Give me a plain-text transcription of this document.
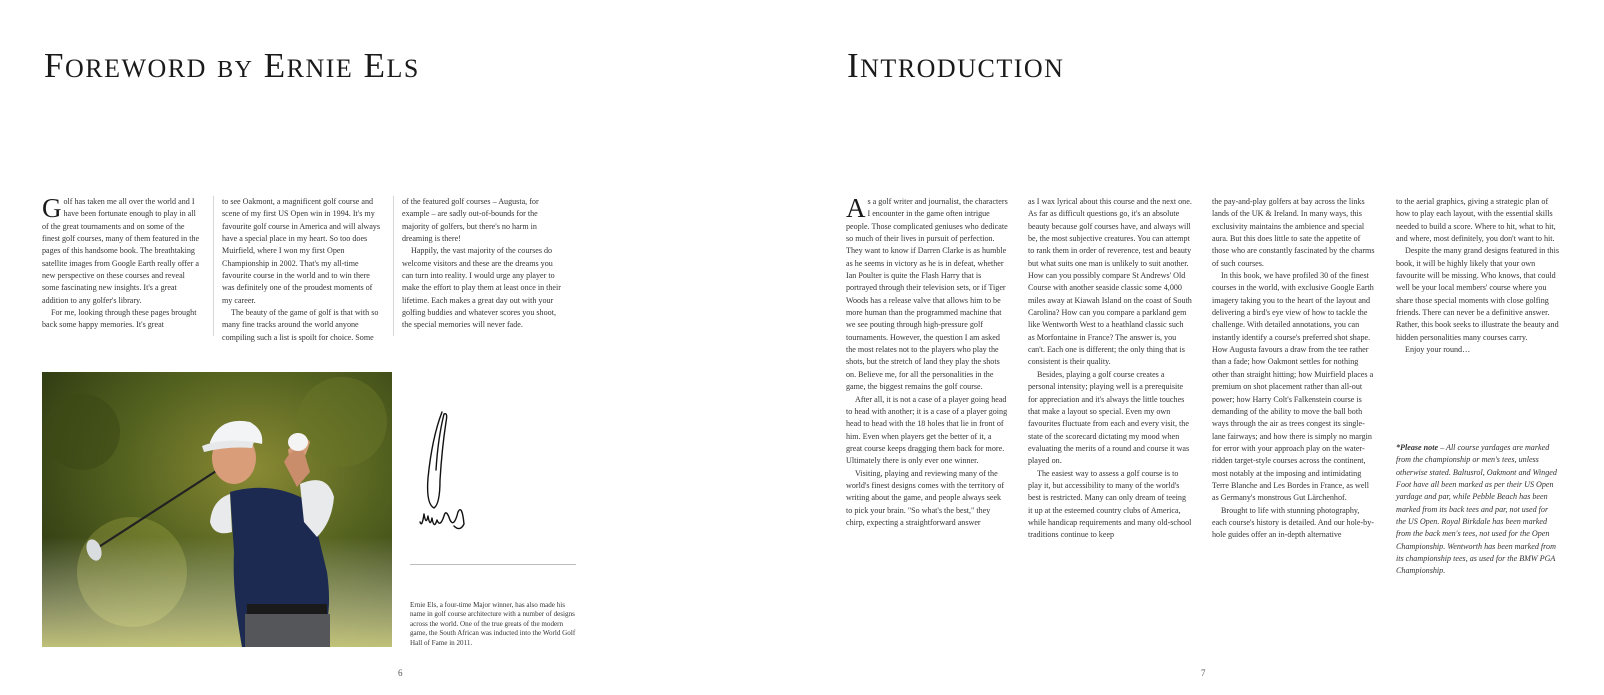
FOREWORD BY ERNIE ELS

Golf has taken me all over the world and I have been fortunate enough to play in all of the great tournaments and on some of the finest golf courses, many of them featured in the pages of this handsome book. The breathtaking satellite images from Google Earth really offer a new perspective on these courses and reveal some fascinating new insights. It's a great addition to any golfer's library.

For me, looking through these pages brought back some happy memories. It's great

to see Oakmont, a magnificent golf course and scene of my first US Open win in 1994. It's my favourite golf course in America and will always have a special place in my heart. So too does Muirfield, where I won my first Open Championship in 2002. That's my all-time favourite course in the world and to win there was definitely one of the proudest moments of my career.

The beauty of the game of golf is that with so many fine tracks around the world anyone compiling such a list is spoilt for choice. Some

of the featured golf courses – Augusta, for example – are sadly out-of-bounds for the majority of golfers, but there's no harm in dreaming is there!

Happily, the vast majority of the courses do welcome visitors and these are the dreams you can turn into reality. I would urge any player to make the effort to play them at least once in their lifetime. Each makes a great day out with your golfing buddies and whatever scores you shoot, the special memories will never fade.

Ernie Els, a four-time Major winner, has also made his name in golf course architecture with a number of designs across the world. One of the true greats of the modern game, the South African was inducted into the World Golf Hall of Fame in 2011.
6
INTRODUCTION

As a golf writer and journalist, the characters I encounter in the game often intrigue people. Those complicated geniuses who dedicate so much of their lives in pursuit of perfection. They want to know if Darren Clarke is as humble as he seems in victory as he is in defeat, whether Ian Poulter is quite the Flash Harry that is portrayed through their television sets, or if Tiger Woods has a release valve that allows him to be more human than the programmed machine that we see pouting through high-pressure golf tournaments. However, the question I am asked the most relates not to the players who play the shots, but the stretch of land they play the shots on. Believe me, for all the personalities in the game, the biggest remains the golf course.

After all, it is not a case of a player going head to head with another; it is a case of a player going head to head with the 18 holes that lie in front of him. Even when players get the better of it, a great course keeps dragging them back for more. Ultimately there is only ever one winner.

Visiting, playing and reviewing many of the world's finest designs comes with the territory of writing about the game, and people always seek to pick your brain. "So what's the best," they chirp, expecting a straightforward answer

as I wax lyrical about this course and the next one. As far as difficult questions go, it's an absolute beauty because golf courses have, and always will be, the most subjective creatures. You can attempt to rank them in order of reverence, test and beauty but what suits one man is unlikely to suit another. How can you possibly compare St Andrews' Old Course with another seaside classic some 4,000 miles away at Kiawah Island on the coast of South Carolina? How can you compare a parkland gem like Wentworth West to a heathland classic such as Morfontaine in France? The answer is, you can't. Each one is different; the only thing that is consistent is their quality.

Besides, playing a golf course creates a personal intensity; playing well is a prerequisite for appreciation and it's always the little touches that make a layout so special. Even my own favourites fluctuate from each and every visit, the state of the scorecard dictating my mood when evaluating the merits of a round and course it was played on.

The easiest way to assess a golf course is to play it, but accessibility to many of the world's best is restricted. Many can only dream of teeing it up at the esteemed country clubs of America, while handicap requirements and many old-school traditions continue to keep

the pay-and-play golfers at bay across the links lands of the UK & Ireland. In many ways, this exclusivity maintains the ambience and special aura. But this does little to sate the appetite of those who are constantly fascinated by the charms of such courses.

In this book, we have profiled 30 of the finest courses in the world, with exclusive Google Earth imagery taking you to the heart of the layout and delivering a bird's eye view of how to tackle the challenge. With detailed annotations, you can instantly identify a course's preferred shot shape. How Augusta favours a draw from the tee rather than a fade; how Oakmont settles for nothing other than straight hitting; how Muirfield places a premium on shot placement rather than all-out power; how Harry Colt's Falkenstein course is demanding of the ability to move the ball both ways through the air as trees congest its single-lane fairways; and how there is simply no margin for error with your approach play on the water-ridden target-style courses across the continent, most notably at the imposing and intimidating Terre Blanche and Les Bordes in France, as well as Germany's monstrous Gut Lärchenhof.

Brought to life with stunning photography, each course's history is detailed. And our hole-by-hole guides offer an in-depth alternative

to the aerial graphics, giving a strategic plan of how to play each layout, with the essential skills needed to build a score. Where to hit, what to hit, and where, most definitely, you don't want to hit.

Despite the many grand designs featured in this book, it will be highly likely that your own favourite will be missing. Who knows, that could well be your local members' course where you share those special moments with close golfing friends. There can never be a definitive answer. Rather, this book seeks to illustrate the beauty and hidden personalities many courses carry.

Enjoy your round…

*Please note – All course yardages are marked from the championship or men's tees, unless otherwise stated. Baltusrol, Oakmont and Winged Foot have all been marked as per their US Open yardage and par, while Pebble Beach has been marked from its back tees and par, not used for the US Open. Royal Birkdale has been marked from the back men's tees, not used for the Open Championship. Wentworth has been marked from its championship tees, as used for the BMW PGA Championship.
7
